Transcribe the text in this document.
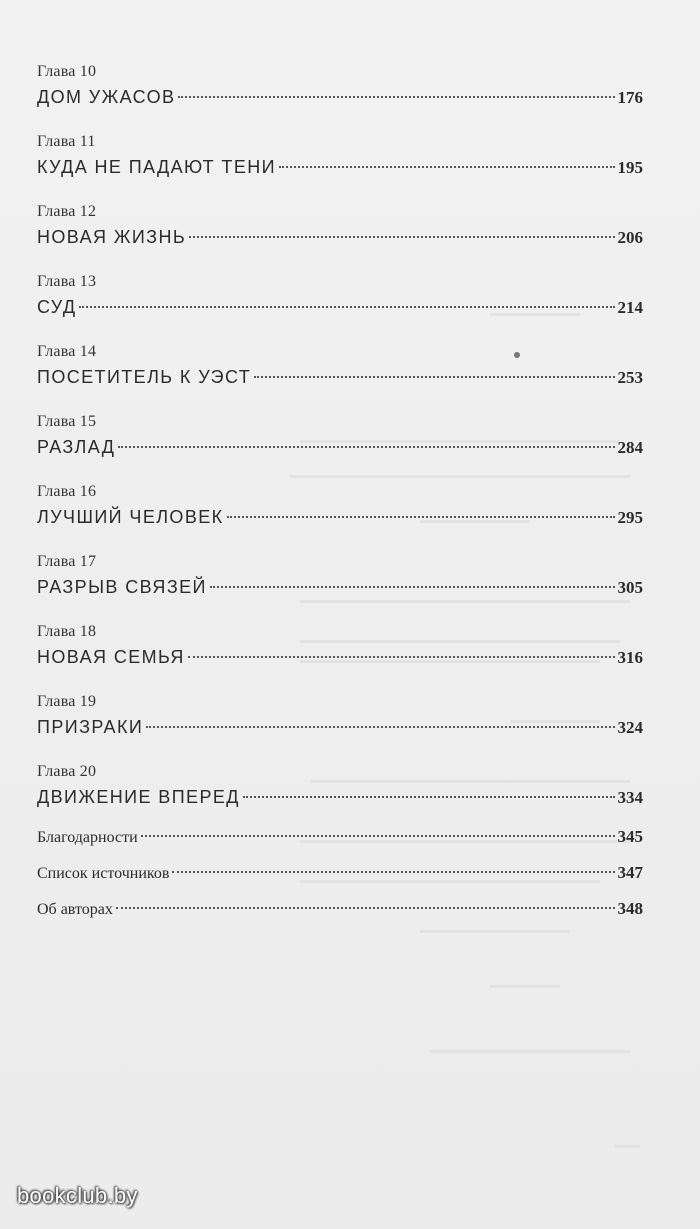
Глава 10
ДОМ УЖАСОВ	176
Глава 11
КУДА НЕ ПАДАЮТ ТЕНИ	195
Глава 12
НОВАЯ ЖИЗНЬ	206
Глава 13
СУД	214
Глава 14
ПОСЕТИТЕЛЬ К УЭСТ	253
Глава 15
РАЗЛАД	284
Глава 16
ЛУЧШИЙ ЧЕЛОВЕК	295
Глава 17
РАЗРЫВ СВЯЗЕЙ	305
Глава 18
НОВАЯ СЕМЬЯ	316
Глава 19
ПРИЗРАКИ	324
Глава 20
ДВИЖЕНИЕ ВПЕРЕД	334
Благодарности	345
Список источников	347
Об авторах	348
bookclub.by
